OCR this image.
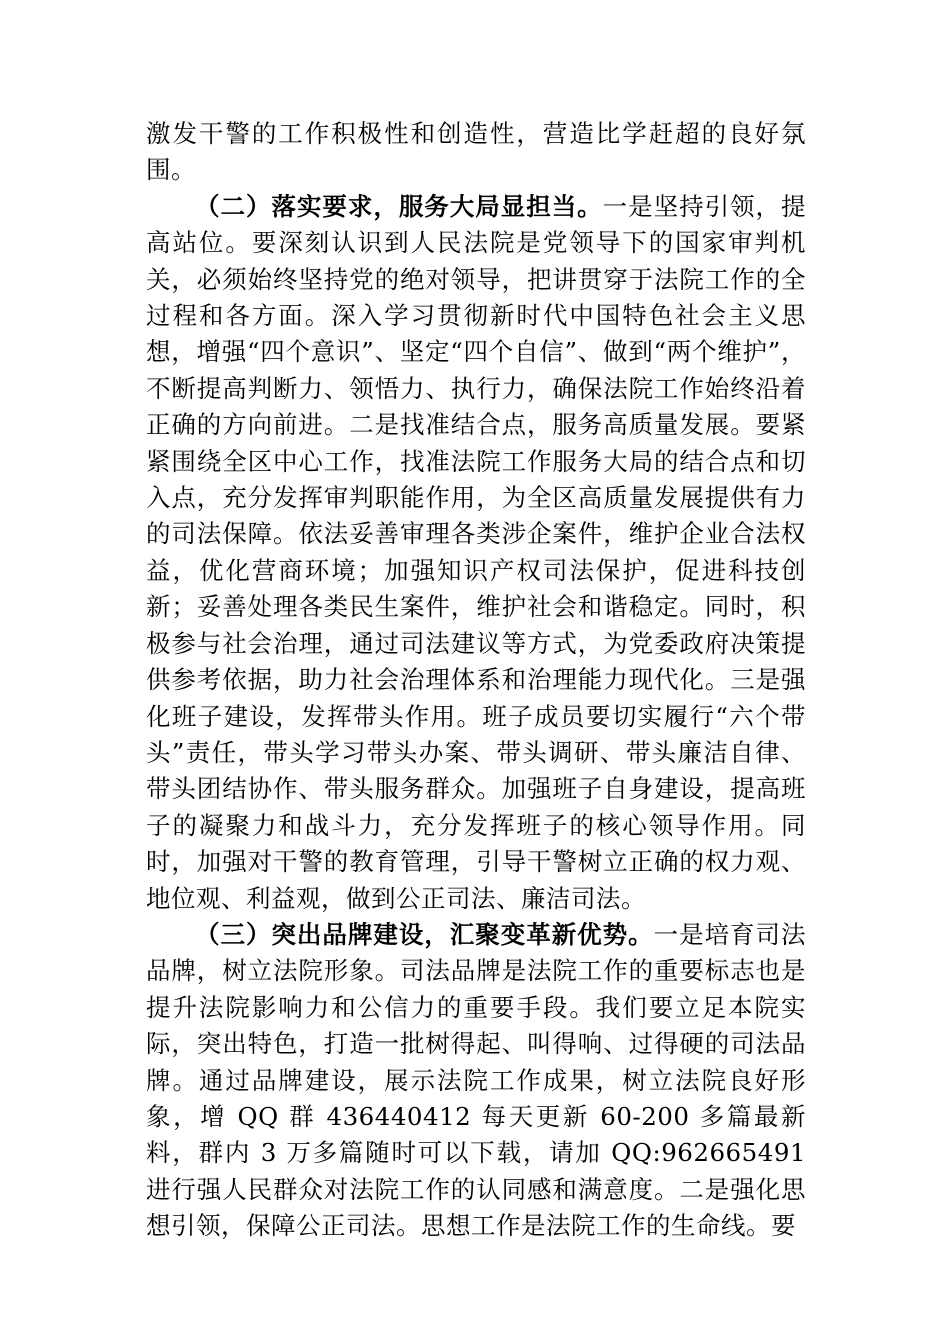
激发干警的工作积极性和创造性，营造比学赶超的良好氛围。

（二）落实要求，服务大局显担当。一是坚持引领，提高站位。要深刻认识到人民法院是党领导下的国家审判机关，必须始终坚持党的绝对领导，把讲贯穿于法院工作的全过程和各方面。深入学习贯彻新时代中国特色社会主义思想，增强“四个意识”、坚定“四个自信”、做到“两个维护”，不断提高判断力、领悟力、执行力，确保法院工作始终沿着正确的方向前进。二是找准结合点，服务高质量发展。要紧紧围绕全区中心工作，找准法院工作服务大局的结合点和切入点，充分发挥审判职能作用，为全区高质量发展提供有力的司法保障。依法妥善审理各类涉企案件，维护企业合法权益，优化营商环境；加强知识产权司法保护，促进科技创新；妥善处理各类民生案件，维护社会和谐稳定。同时，积极参与社会治理，通过司法建议等方式，为党委政府决策提供参考依据，助力社会治理体系和治理能力现代化。三是强化班子建设，发挥带头作用。班子成员要切实履行“六个带头”责任，带头学习带头办案、带头调研、带头廉洁自律、带头团结协作、带头服务群众。加强班子自身建设，提高班子的凝聚力和战斗力，充分发挥班子的核心领导作用。同时，加强对干警的教育管理，引导干警树立正确的权力观、地位观、利益观，做到公正司法、廉洁司法。

（三）突出品牌建设，汇聚变革新优势。一是培育司法品牌，树立法院形象。司法品牌是法院工作的重要标志也是提升法院影响力和公信力的重要手段。我们要立足本院实际，突出特色，打造一批树得起、叫得响、过得硬的司法品牌。通过品牌建设，展示法院工作成果，树立法院良好形象，增 QQ 群 436440412 每天更新 60-200 多篇最新料，群内 3 万多篇随时可以下载，请加 QQ:962665491 进行强人民群众对法院工作的认同感和满意度。二是强化思想引领，保障公正司法。思想工作是法院工作的生命线。要
